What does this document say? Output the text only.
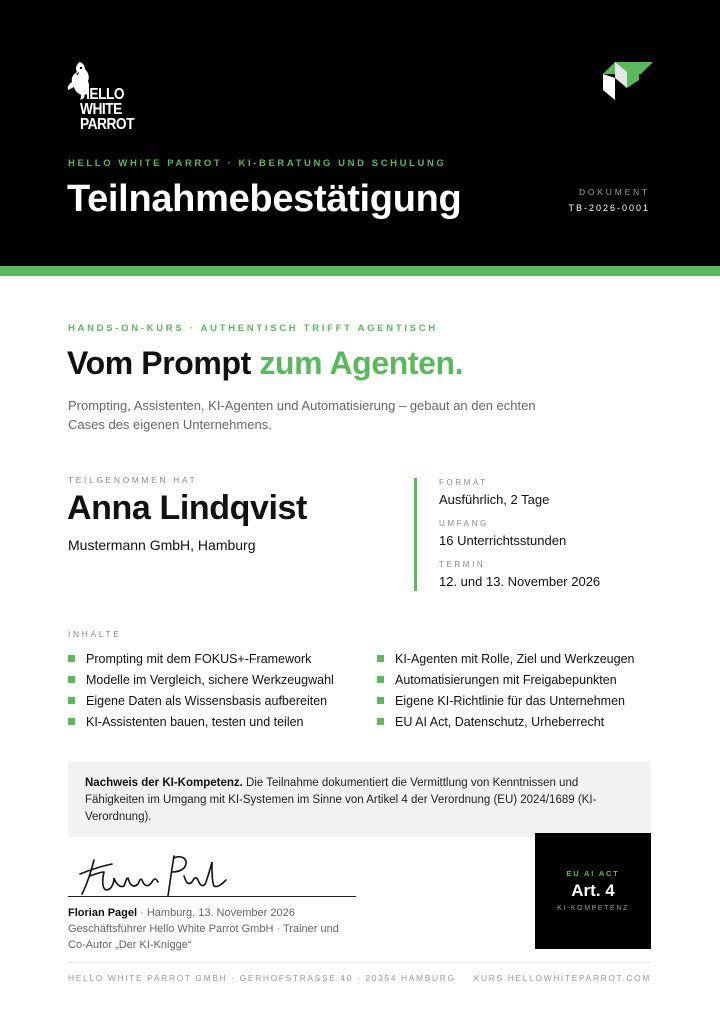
HELLO
WHITE
PARROT
HELLO WHITE PARROT · KI-BERATUNG UND SCHULUNG
Teilnahmebestätigung	DOKUMENT
TB-2026-0001
HANDS-ON-KURS · AUTHENTISCH TRIFFT AGENTISCH
Vom Prompt zum Agenten.
Prompting, Assistenten, KI-Agenten und Automatisierung – gebaut an den echten Cases des eigenen Unternehmens.
TEILGENOMMEN HAT
Anna Lindqvist
Mustermann GmbH, Hamburg
FORMAT
Ausführlich, 2 Tage
UMFANG
16 Unterrichtsstunden
TERMIN
12. und 13. November 2026
INHALTE
Prompting mit dem FOKUS+-Framework
Modelle im Vergleich, sichere Werkzeugwahl
Eigene Daten als Wissensbasis aufbereiten
KI-Assistenten bauen, testen und teilen
KI-Agenten mit Rolle, Ziel und Werkzeugen
Automatisierungen mit Freigabepunkten
Eigene KI-Richtlinie für das Unternehmen
EU AI Act, Datenschutz, Urheberrecht
Nachweis der KI-Kompetenz. Die Teilnahme dokumentiert die Vermittlung von Kenntnissen und Fähigkeiten im Umgang mit KI-Systemen im Sinne von Artikel 4 der Verordnung (EU) 2024/1689 (KI-Verordnung).
EU AI ACT
Art. 4
KI-KOMPETENZ
Florian Pagel · Hamburg, 13. November 2026
Geschäftsführer Hello White Parrot GmbH · Trainer und
Co-Autor „Der KI-Knigge“
HELLO WHITE PARROT GMBH · GERHOFSTRASSE 40 · 20354 HAMBURG KURS.HELLOWHITEPARROT.COM
